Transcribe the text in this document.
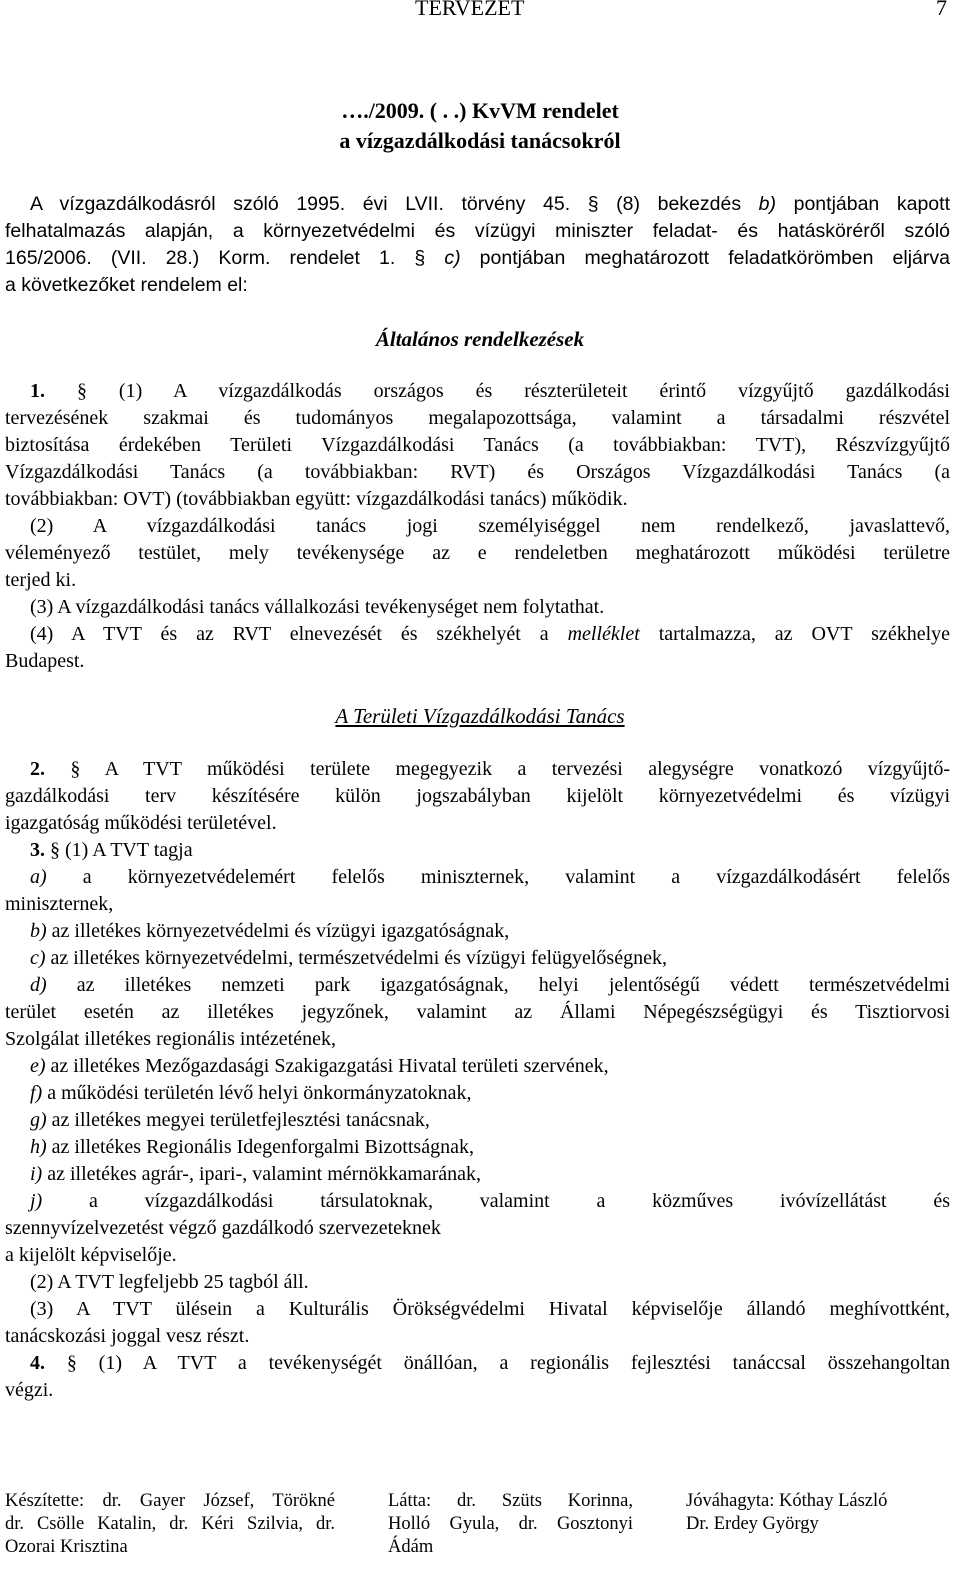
TERVEZET	7
…./2009. ( . .) KvVM rendelet
a vízgazdálkodási tanácsokról
A vízgazdálkodásról szóló 1995. évi LVII. törvény 45. § (8) bekezdés b) pontjában kapott
felhatalmazás alapján, a környezetvédelmi és vízügyi miniszter feladat- és hatásköréről szóló
165/2006. (VII. 28.) Korm. rendelet 1. § c) pontjában meghatározott feladatkörömben eljárva
a következőket rendelem el:
Általános rendelkezések
1. § (1) A vízgazdálkodás országos és részterületeit érintő vízgyűjtő gazdálkodási
tervezésének szakmai és tudományos megalapozottsága, valamint a társadalmi részvétel
biztosítása érdekében Területi Vízgazdálkodási Tanács (a továbbiakban: TVT), Részvízgyűjtő
Vízgazdálkodási Tanács (a továbbiakban: RVT) és Országos Vízgazdálkodási Tanács (a
továbbiakban: OVT) (továbbiakban együtt: vízgazdálkodási tanács) működik.
(2) A vízgazdálkodási tanács jogi személyiséggel nem rendelkező, javaslattevő,
véleményező testület, mely tevékenysége az e rendeletben meghatározott működési területre
terjed ki.
(3) A vízgazdálkodási tanács vállalkozási tevékenységet nem folytathat.
(4) A TVT és az RVT elnevezését és székhelyét a melléklet tartalmazza, az OVT székhelye
Budapest.
A Területi Vízgazdálkodási Tanács
2. § A TVT működési területe megegyezik a tervezési alegységre vonatkozó vízgyűjtő-
gazdálkodási terv készítésére külön jogszabályban kijelölt környezetvédelmi és vízügyi
igazgatóság működési területével.
3. § (1) A TVT tagja
a) a környezetvédelemért felelős miniszternek, valamint a vízgazdálkodásért felelős
miniszternek,
b) az illetékes környezetvédelmi és vízügyi igazgatóságnak,
c) az illetékes környezetvédelmi, természetvédelmi és vízügyi felügyelőségnek,
d) az illetékes nemzeti park igazgatóságnak, helyi jelentőségű védett természetvédelmi
terület esetén az illetékes jegyzőnek, valamint az Állami Népegészségügyi és Tisztiorvosi
Szolgálat illetékes regionális intézetének,
e) az illetékes Mezőgazdasági Szakigazgatási Hivatal területi szervének,
f) a működési területén lévő helyi önkormányzatoknak,
g) az illetékes megyei területfejlesztési tanácsnak,
h) az illetékes Regionális Idegenforgalmi Bizottságnak,
i) az illetékes agrár-, ipari-, valamint mérnökkamarának,
j) a vízgazdálkodási társulatoknak, valamint a közműves ivóvízellátást és
szennyvízelvezetést végző gazdálkodó szervezeteknek
a kijelölt képviselője.
(2) A TVT legfeljebb 25 tagból áll.
(3) A TVT ülésein a Kulturális Örökségvédelmi Hivatal képviselője állandó meghívottként,
tanácskozási joggal vesz részt.
4. § (1) A TVT a tevékenységét önállóan, a regionális fejlesztési tanáccsal összehangoltan
végzi.
Készítette: dr. Gayer József, Törökné
dr. Csölle Katalin, dr. Kéri Szilvia, dr.
Ozorai Krisztina
Látta: dr. Szüts Korinna,
Holló Gyula, dr. Gosztonyi
Ádám
Jóváhagyta: Kóthay László
Dr. Erdey György
